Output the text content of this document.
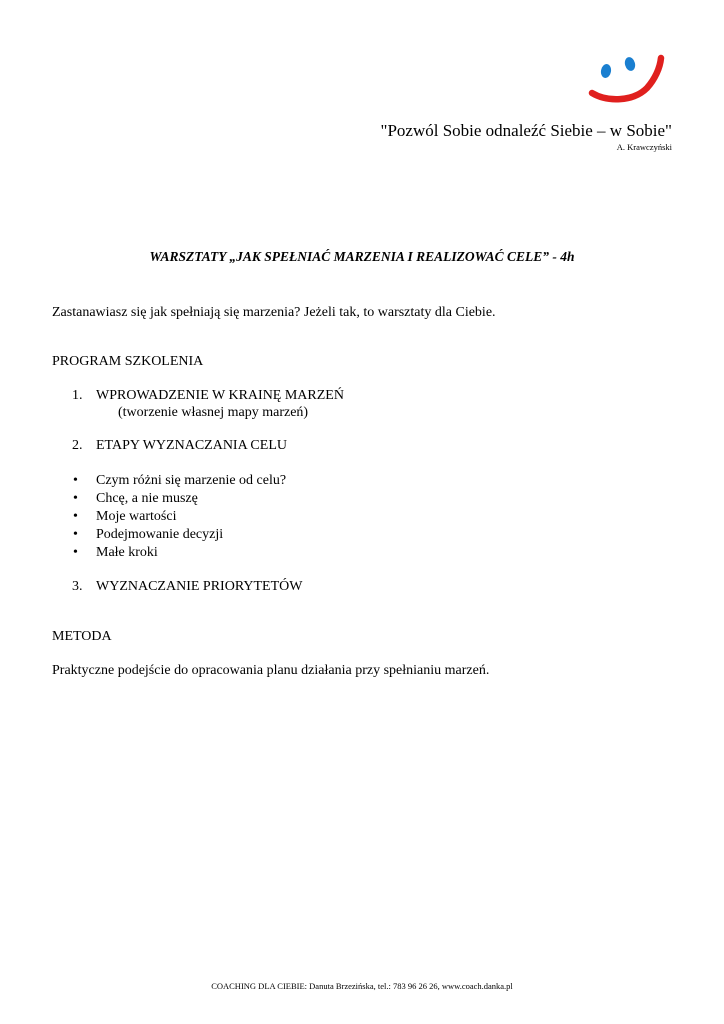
"Pozwól Sobie odnaleźć Siebie – w Sobie"
A. Krawczyński
WARSZTATY „JAK SPEŁNIAĆ MARZENIA I REALIZOWAĆ CELE” - 4h
Zastanawiasz się jak spełniają się marzenia? Jeżeli tak, to warsztaty dla Ciebie.
PROGRAM SZKOLENIA
1. WPROWADZENIE W KRAINĘ MARZEŃ
(tworzenie własnej mapy marzeń)
2. ETAPY WYZNACZANIA CELU
• Czym różni się marzenie od celu?
• Chcę, a nie muszę
• Moje wartości
• Podejmowanie decyzji
• Małe kroki
3. WYZNACZANIE PRIORYTETÓW
METODA
Praktyczne podejście do opracowania planu działania przy spełnianiu marzeń.
COACHING DLA CIEBIE: Danuta Brzezińska, tel.: 783 96 26 26, www.coach.danka.pl
